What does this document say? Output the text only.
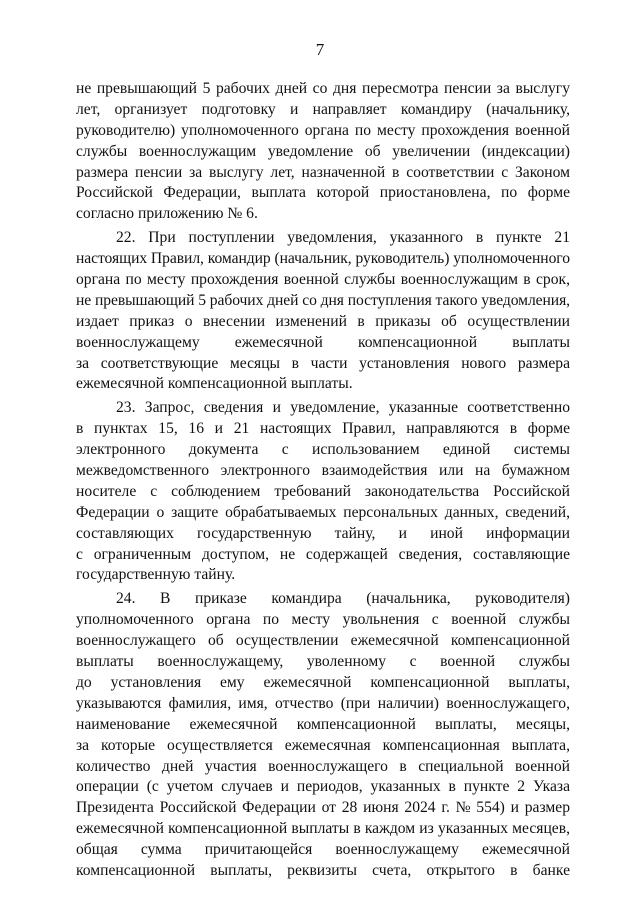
7
не превышающий 5 рабочих дней со дня пересмотра пенсии за выслугу
лет, организует подготовку и направляет командиру (начальнику,
руководителю) уполномоченного органа по месту прохождения военной
службы военнослужащим уведомление об увеличении (индексации)
размера пенсии за выслугу лет, назначенной в соответствии с Законом
Российской Федерации, выплата которой приостановлена, по форме
согласно приложению № 6.
22. При поступлении уведомления, указанного в пункте 21
настоящих Правил, командир (начальник, руководитель) уполномоченного
органа по месту прохождения военной службы военнослужащим в срок,
не превышающий 5 рабочих дней со дня поступления такого уведомления,
издает приказ о внесении изменений в приказы об осуществлении
военнослужащему ежемесячной компенсационной выплаты
за соответствующие месяцы в части установления нового размера
ежемесячной компенсационной выплаты.
23. Запрос, сведения и уведомление, указанные соответственно
в пунктах 15, 16 и 21 настоящих Правил, направляются в форме
электронного документа с использованием единой системы
межведомственного электронного взаимодействия или на бумажном
носителе с соблюдением требований законодательства Российской
Федерации о защите обрабатываемых персональных данных, сведений,
составляющих государственную тайну, и иной информации
с ограниченным доступом, не содержащей сведения, составляющие
государственную тайну.
24. В приказе командира (начальника, руководителя)
уполномоченного органа по месту увольнения с военной службы
военнослужащего об осуществлении ежемесячной компенсационной
выплаты военнослужащему, уволенному с военной службы
до установления ему ежемесячной компенсационной выплаты,
указываются фамилия, имя, отчество (при наличии) военнослужащего,
наименование ежемесячной компенсационной выплаты, месяцы,
за которые осуществляется ежемесячная компенсационная выплата,
количество дней участия военнослужащего в специальной военной
операции (с учетом случаев и периодов, указанных в пункте 2 Указа
Президента Российской Федерации от 28 июня 2024 г. № 554) и размер
ежемесячной компенсационной выплаты в каждом из указанных месяцев,
общая сумма причитающейся военнослужащему ежемесячной
компенсационной выплаты, реквизиты счета, открытого в банке
